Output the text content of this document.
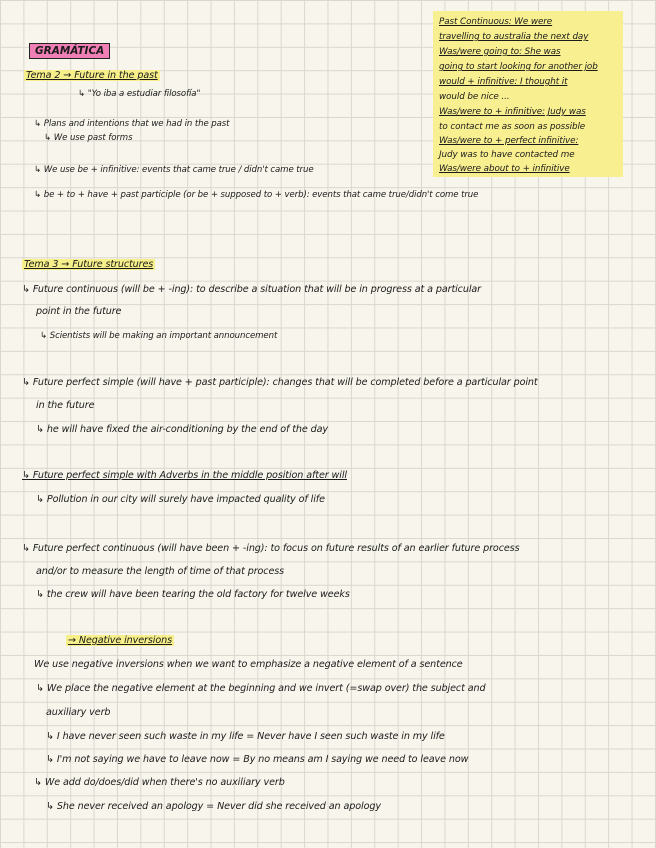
GRAMÁTICA
Past Continuous: We were
travelling to australia the next day
Was/were going to: She was
going to start looking for another job
would + infinitive: I thought it
would be nice ...
Was/were to + infinitive: Judy was
to contact me as soon as possible
Was/were to + perfect infinitive:
Judy was to have contacted me
Was/were about to + infinitive
Tema 2 → Future in the past
↳ "Yo iba a estudiar filosofía"
↳ Plans and intentions that we had in the past
↳ We use past forms
↳ We use be + infinitive: events that came true / didn't came true
↳ be + to + have + past participle (or be + supposed to + verb): events that came true/didn't come true
Tema 3 → Future structures
↳ Future continuous (will be + -ing): to describe a situation that will be in progress at a particular
point in the future
↳ Scientists will be making an important announcement
↳ Future perfect simple (will have + past participle): changes that will be completed before a particular point
in the future
↳ he will have fixed the air-conditioning by the end of the day
↳ Future perfect simple with Adverbs in the middle position after will
↳ Pollution in our city will surely have impacted quality of life
↳ Future perfect continuous (will have been + -ing): to focus on future results of an earlier future process
and/or to measure the length of time of that process
↳ the crew will have been tearing the old factory for twelve weeks
→ Negative inversions
We use negative inversions when we want to emphasize a negative element of a sentence
↳ We place the negative element at the beginning and we invert (=swap over) the subject and
auxiliary verb
↳ I have never seen such waste in my life = Never have I seen such waste in my life
↳ I'm not saying we have to leave now = By no means am I saying we need to leave now
↳ We add do/does/did when there's no auxiliary verb
↳ She never received an apology = Never did she received an apology
